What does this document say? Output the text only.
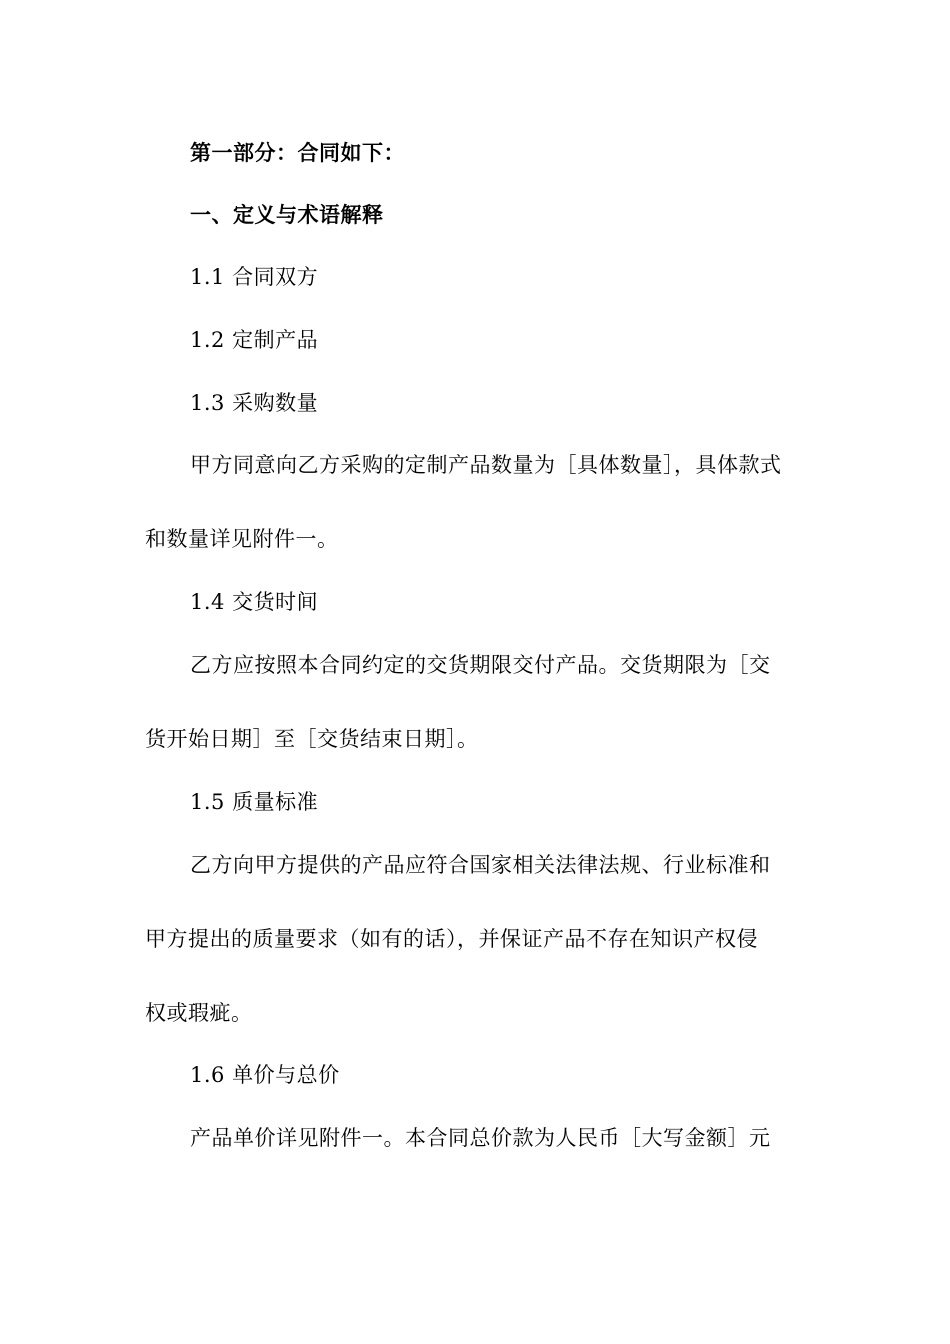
第一部分：合同如下：

一、定义与术语解释

1.1 合同双方

1.2 定制产品

1.3 采购数量

甲方同意向乙方采购的定制产品数量为［具体数量］，具体款式

和数量详见附件一。

1.4 交货时间

乙方应按照本合同约定的交货期限交付产品。交货期限为［交

货开始日期］至［交货结束日期］。

1.5 质量标准

乙方向甲方提供的产品应符合国家相关法律法规、行业标准和

甲方提出的质量要求（如有的话），并保证产品不存在知识产权侵

权或瑕疵。

1.6 单价与总价

产品单价详见附件一。本合同总价款为人民币［大写金额］元
